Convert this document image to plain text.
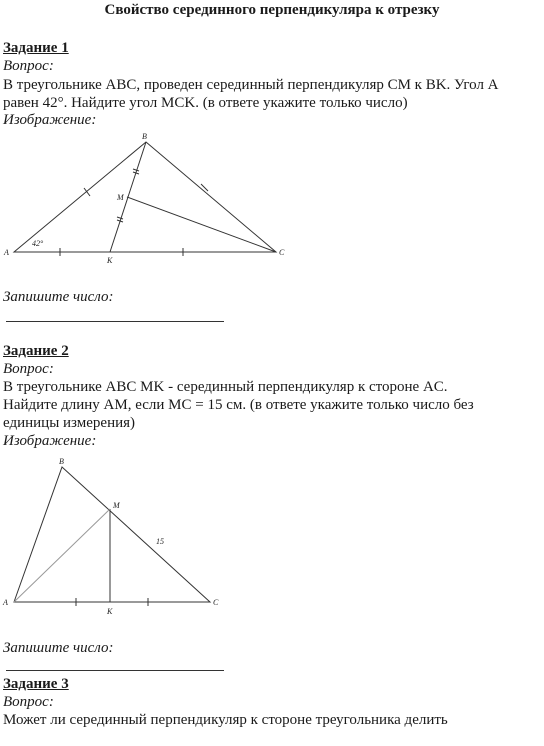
Свойство серединного перпендикуляра к отрезку
Задание 1
Вопрос:
В треугольнике ABC, проведен серединный перпендикуляр CM к BK. Угол A
равен 42°. Найдите угол MCK. (в ответе укажите только число)
Изображение:
A
B
C
M
K
42°
Запишите число:
Задание 2
Вопрос:
В треугольнике ABC MK - серединный перпендикуляр к стороне AC.
Найдите длину AM, если MC = 15 см. (в ответе укажите только число без
единицы измерения)
Изображение:
B
M
A	C
K
15
Запишите число:
Задание 3
Вопрос:
Может ли серединный перпендикуляр к стороне треугольника делить
